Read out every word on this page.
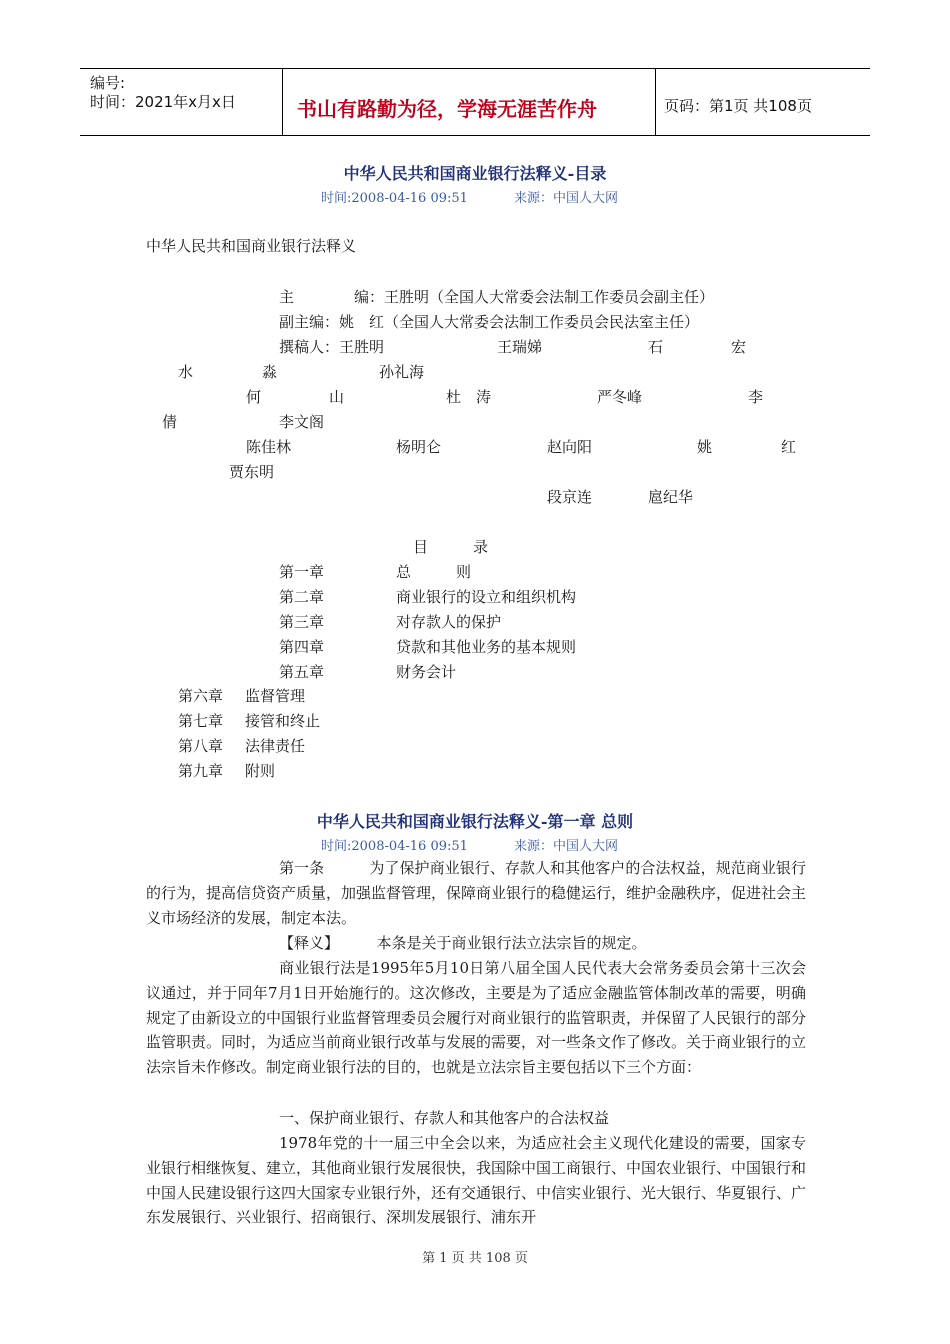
编号:
时间：2021年x月x日	书山有路勤为径，学海无涯苦作舟	页码：第1页 共108页
中华人民共和国商业银行法释义-目录
时间:2008-04-16 09:51	来源：中国人大网
中华人民共和国商业银行法释义
主　　　　编：王胜明（全国人大常委会法制工作委员会副主任）
副主编：姚　红（全国人大常委会法制工作委员会民法室主任）
撰稿人：王胜明	王瑞娣	石	宏
水	淼	孙礼海
何	山	杜　涛	严冬峰	李
倩	李文阁
陈佳林	杨明仑	赵向阳	姚	红
贾东明
段京连	扈纪华
目　　　录
第一章	总　　　则
第二章	商业银行的设立和组织机构
第三章	对存款人的保护
第四章	贷款和其他业务的基本规则
第五章	财务会计
第六章 监督管理
第七章 接管和终止
第八章 法律责任
第九章 附则
中华人民共和国商业银行法释义-第一章 总则
时间:2008-04-16 09:51	来源：中国人大网
第一条　　　为了保护商业银行、存款人和其他客户的合法权益，规范商业银行的行为，提高信贷资产质量，加强监督管理，保障商业银行的稳健运行，维护金融秩序，促进社会主义市场经济的发展，制定本法。
【释义】　　　本条是关于商业银行法立法宗旨的规定。
商业银行法是1995年5月10日第八届全国人民代表大会常务委员会第十三次会议通过，并于同年7月1日开始施行的。这次修改，主要是为了适应金融监管体制改革的需要，明确规定了由新设立的中国银行业监督管理委员会履行对商业银行的监管职责，并保留了人民银行的部分监管职责。同时，为适应当前商业银行改革与发展的需要，对一些条文作了修改。关于商业银行的立法宗旨未作修改。制定商业银行法的目的，也就是立法宗旨主要包括以下三个方面：
一、保护商业银行、存款人和其他客户的合法权益
1978年党的十一届三中全会以来，为适应社会主义现代化建设的需要，国家专业银行相继恢复、建立，其他商业银行发展很快，我国除中国工商银行、中国农业银行、中国银行和中国人民建设银行这四大国家专业银行外，还有交通银行、中信实业银行、光大银行、华夏银行、广东发展银行、兴业银行、招商银行、深圳发展银行、浦东开
第 1 页 共 108 页
